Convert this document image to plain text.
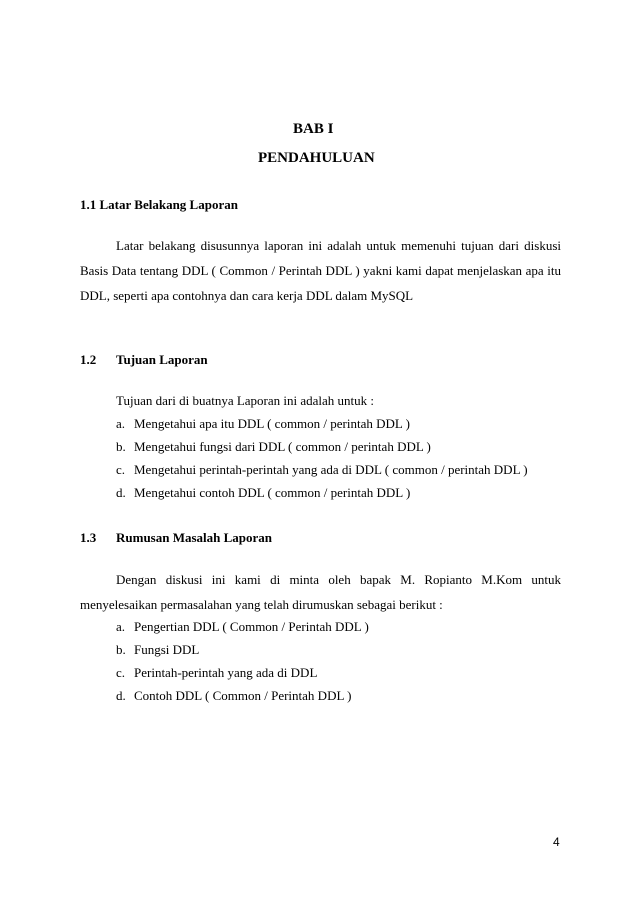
BAB I
PENDAHULUAN
1.1 Latar Belakang Laporan
Latar belakang disusunnya laporan ini adalah untuk memenuhi tujuan dari diskusi
Basis Data tentang DDL ( Common / Perintah DDL ) yakni kami dapat menjelaskan apa itu
DDL, seperti apa contohnya dan cara kerja DDL dalam MySQL
1.2 Tujuan Laporan
Tujuan dari di buatnya Laporan ini adalah untuk :
a. Mengetahui apa itu DDL ( common / perintah DDL )
b. Mengetahui fungsi dari DDL ( common / perintah DDL )
c. Mengetahui perintah-perintah yang ada di DDL ( common / perintah DDL )
d. Mengetahui contoh DDL ( common / perintah DDL )
1.3 Rumusan Masalah Laporan
Dengan diskusi ini kami di minta oleh bapak M. Ropianto M.Kom untuk
menyelesaikan permasalahan yang telah dirumuskan sebagai berikut :
a. Pengertian DDL ( Common / Perintah DDL )
b. Fungsi DDL
c. Perintah-perintah yang ada di DDL
d. Contoh DDL ( Common / Perintah DDL )
4
